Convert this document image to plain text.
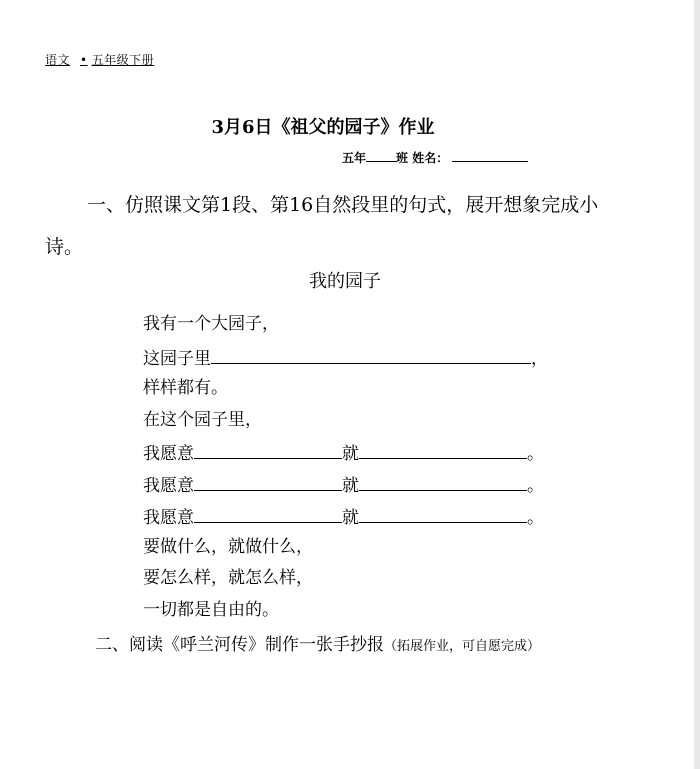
语文 • 五年级下册
3月6日《祖父的园子》作业
五年	班 姓名：
一、仿照课文第1段、第16自然段里的句式，展开想象完成小诗。
我的园子
我有一个大园子，
这园子里	，
样样都有。
在这个园子里，
我愿意	就	。
我愿意	就	。
我愿意	就	。
要做什么，就做什么，
要怎么样，就怎么样，
一切都是自由的。
二、阅读《呼兰河传》制作一张手抄报（拓展作业，可自愿完成）
